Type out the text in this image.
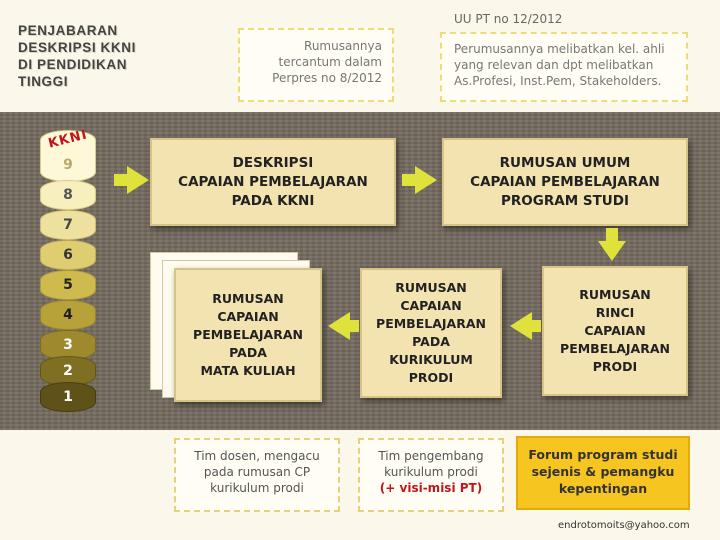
PENJABARAN
DESKRIPSI KKNI
DI PENDIDIKAN
TINGGI
Rumusannya
tercantum dalam
Perpres no 8/2012
UU PT no 12/2012
Perumusannya melibatkan kel. ahli
yang relevan dan dpt melibatkan
As.Profesi, Inst.Pem, Stakeholders.
9
KKNI
8
7
6
5
4
3
2
1
DESKRIPSI
CAPAIAN PEMBELAJARAN
PADA KKNI
RUMUSAN UMUM
CAPAIAN PEMBELAJARAN
PROGRAM STUDI
RUMUSAN
RINCI
CAPAIAN
PEMBELAJARAN
PRODI
RUMUSAN
CAPAIAN
PEMBELAJARAN
PADA
KURIKULUM
PRODI
RUMUSAN
CAPAIAN
PEMBELAJARAN
PADA
MATA KULIAH
Tim dosen, mengacu
pada rumusan CP
kurikulum prodi
Tim pengembang
kurikulum prodi
(+ visi-misi PT)
Forum program studi
sejenis & pemangku
kepentingan
endrotomoits@yahoo.com
